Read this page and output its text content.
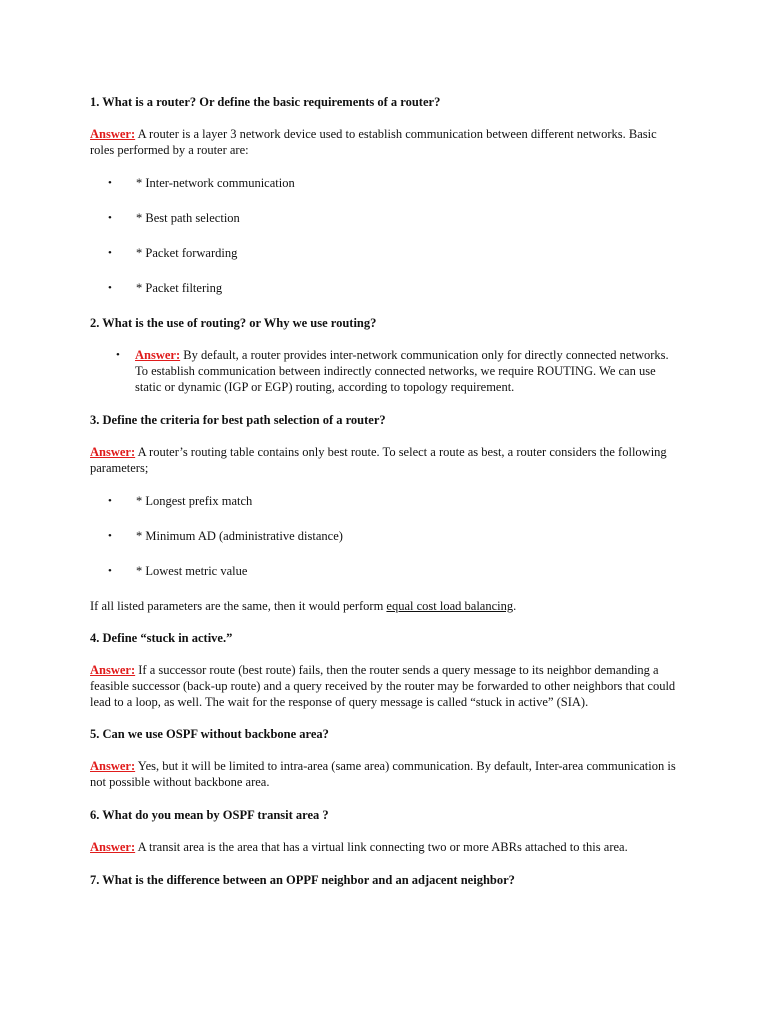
1. What is a router? Or define the basic requirements of a router?

Answer: A router is a layer 3 network device used to establish communication between different networks. Basic roles performed by a router are:

• * Inter-network communication
• * Best path selection
• * Packet forwarding
• * Packet filtering

2. What is the use of routing? or Why we use routing?

• Answer: By default, a router provides inter-network communication only for directly connected networks. To establish communication between indirectly connected networks, we require ROUTING. We can use static or dynamic (IGP or EGP) routing, according to topology requirement.

3. Define the criteria for best path selection of a router?

Answer: A router’s routing table contains only best route. To select a route as best, a router considers the following parameters;

• * Longest prefix match
• * Minimum AD (administrative distance)
• * Lowest metric value

If all listed parameters are the same, then it would perform equal cost load balancing.

4. Define “stuck in active.”

Answer: If a successor route (best route) fails, then the router sends a query message to its neighbor demanding a feasible successor (back-up route) and a query received by the router may be forwarded to other neighbors that could lead to a loop, as well. The wait for the response of query message is called “stuck in active” (SIA).

5. Can we use OSPF without backbone area?

Answer: Yes, but it will be limited to intra-area (same area) communication. By default, Inter-area communication is not possible without backbone area.

6. What do you mean by OSPF transit area ?

Answer: A transit area is the area that has a virtual link connecting two or more ABRs attached to this area.

7. What is the difference between an OPPF neighbor and an adjacent neighbor?
